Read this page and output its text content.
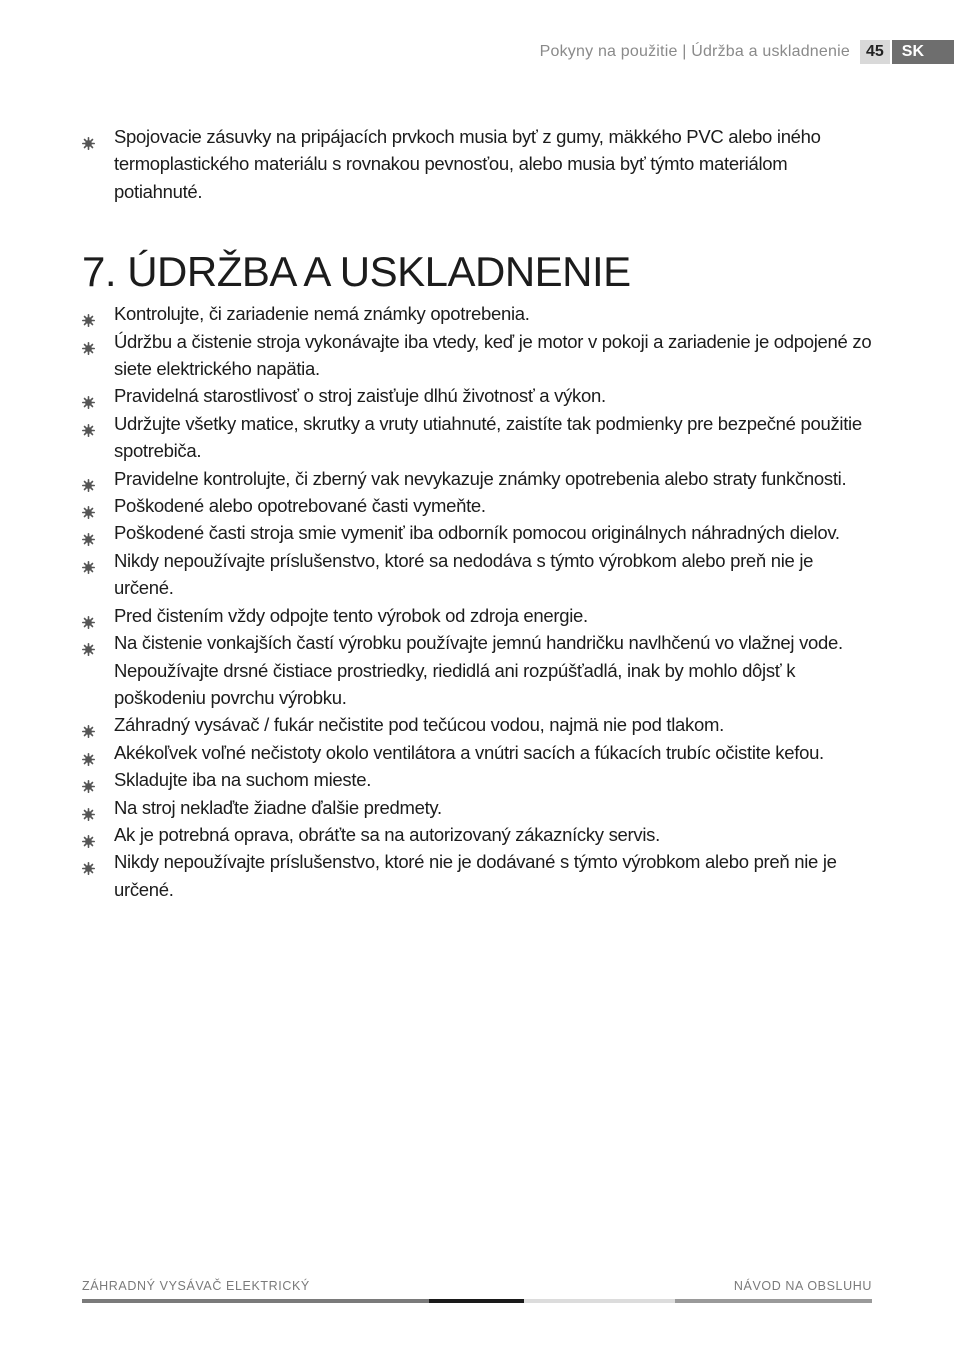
Pokyny na použitie | Údržba a uskladnenie	45	SK
Spojovacie zásuvky na pripájacích prvkoch musia byť z gumy, mäkkého PVC alebo iného termoplastického materiálu s rovnakou pevnosťou, alebo musia byť týmto materiálom potiahnuté.
7. ÚDRŽBA A USKLADNENIE
Kontrolujte, či zariadenie nemá známky opotrebenia.
Údržbu a čistenie stroja vykonávajte iba vtedy, keď je motor v pokoji a zariadenie je odpojené zo siete elektrického napätia.
Pravidelná starostlivosť o stroj zaisťuje dlhú životnosť a výkon.
Udržujte všetky matice, skrutky a vruty utiahnuté, zaistíte tak podmienky pre bezpečné použitie spotrebiča.
Pravidelne kontrolujte, či zberný vak nevykazuje známky opotrebenia alebo straty funkčnosti.
Poškodené alebo opotrebované časti vymeňte.
Poškodené časti stroja smie vymeniť iba odborník pomocou originálnych náhradných dielov.
Nikdy nepoužívajte príslušenstvo, ktoré sa nedodáva s týmto výrobkom alebo preň nie je určené.
Pred čistením vždy odpojte tento výrobok od zdroja energie.
Na čistenie vonkajších častí výrobku používajte jemnú handričku navlhčenú vo vlažnej vode. Nepoužívajte drsné čistiace prostriedky, riedidlá ani rozpúšťadlá, inak by mohlo dôjsť k poškodeniu povrchu výrobku.
Záhradný vysávač / fukár nečistite pod tečúcou vodou, najmä nie pod tlakom.
Akékoľvek voľné nečistoty okolo ventilátora a vnútri sacích a fúkacích trubíc očistite kefou.
Skladujte iba na suchom mieste.
Na stroj neklaďte žiadne ďalšie predmety.
Ak je potrebná oprava, obráťte sa na autorizovaný zákaznícky servis.
Nikdy nepoužívajte príslušenstvo, ktoré nie je dodávané s týmto výrobkom alebo preň nie je určené.
ZÁHRADNÝ VYSÁVAČ ELEKTRICKÝ	NÁVOD NA OBSLUHU
